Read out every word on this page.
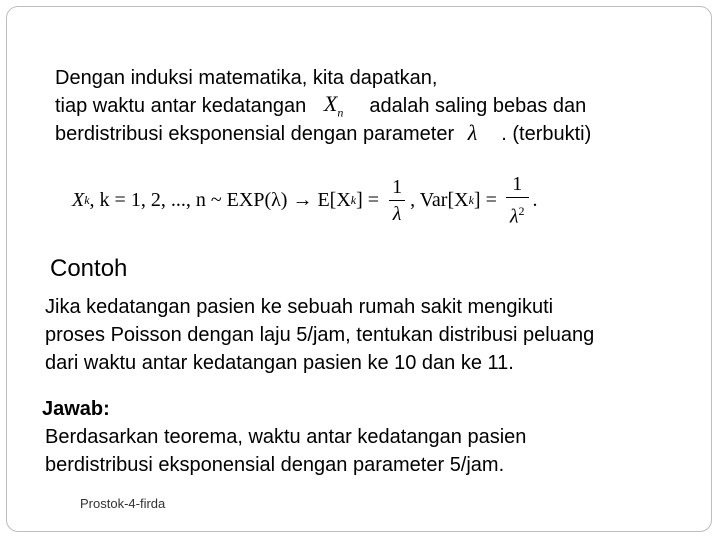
Dengan induksi matematika, kita dapatkan,
tiap waktu antar kedatangan $X_n$ adalah saling bebas dan
berdistribusi eksponensial dengan parameter λ . (terbukti)
X k , k = 1, 2, ..., n ~ EXP(λ) → E[X k ] = $\frac{1}{\lambda}$ , Var[X k ] = $\frac{1}{\lambda^2}$ .
Contoh
Jika kedatangan pasien ke sebuah rumah sakit mengikuti
proses Poisson dengan laju 5/jam, tentukan distribusi peluang
dari waktu antar kedatangan pasien ke 10 dan ke 11.
Jawab:
Berdasarkan teorema, waktu antar kedatangan pasien
berdistribusi eksponensial dengan parameter 5/jam.
Prostok-4-firda
